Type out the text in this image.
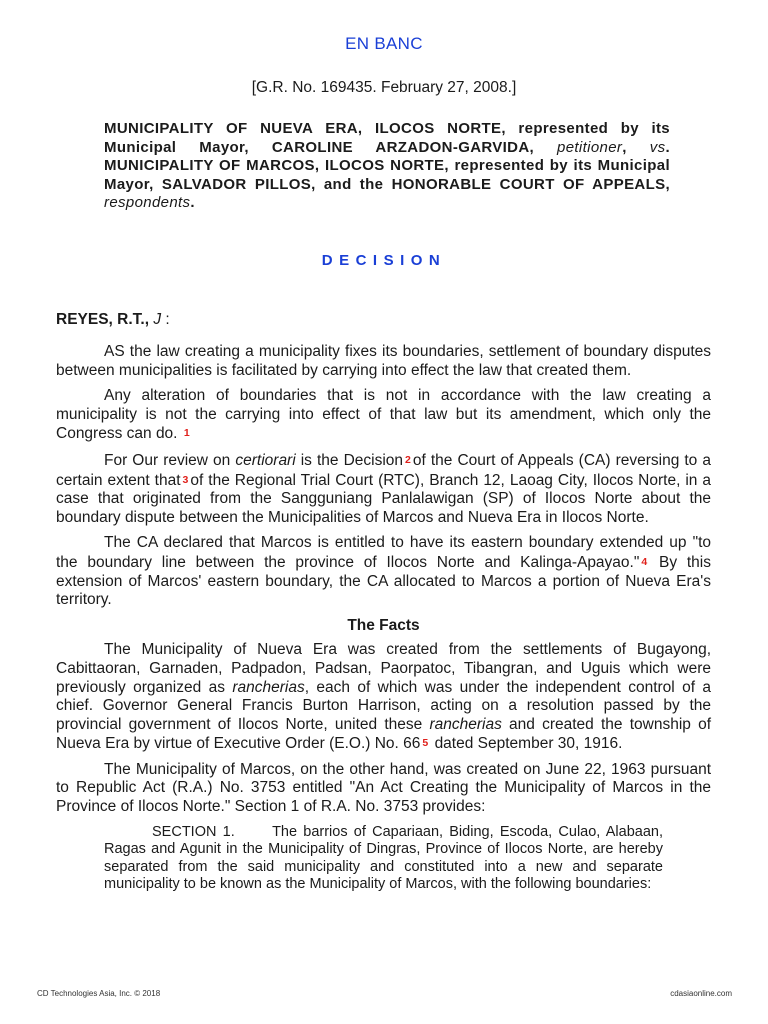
EN BANC
[G.R. No. 169435. February 27, 2008.]
MUNICIPALITY OF NUEVA ERA, ILOCOS NORTE, represented by its Municipal Mayor, CAROLINE ARZADON-GARVIDA, petitioner, vs. MUNICIPALITY OF MARCOS, ILOCOS NORTE, represented by its Municipal Mayor, SALVADOR PILLOS, and the HONORABLE COURT OF APPEALS, respondents.
DECISION
REYES, R.T., J :

AS the law creating a municipality fixes its boundaries, settlement of boundary disputes between municipalities is facilitated by carrying into effect the law that created them.

Any alteration of boundaries that is not in accordance with the law creating a municipality is not the carrying into effect of that law but its amendment, which only the Congress can do. $^1$

For Our review on certiorari is the Decision $^2$ of the Court of Appeals (CA) reversing to a certain extent that $^3$ of the Regional Trial Court (RTC), Branch 12, Laoag City, Ilocos Norte, in a case that originated from the Sangguniang Panlalawigan (SP) of Ilocos Norte about the boundary dispute between the Municipalities of Marcos and Nueva Era in Ilocos Norte.

The CA declared that Marcos is entitled to have its eastern boundary extended up "to the boundary line between the province of Ilocos Norte and Kalinga-Apayao." $^4$ By this extension of Marcos' eastern boundary, the CA allocated to Marcos a portion of Nueva Era's territory.

The Facts

The Municipality of Nueva Era was created from the settlements of Bugayong, Cabittaoran, Garnaden, Padpadon, Padsan, Paorpatoc, Tibangran, and Uguis which were previously organized as rancherias, each of which was under the independent control of a chief. Governor General Francis Burton Harrison, acting on a resolution passed by the provincial government of Ilocos Norte, united these rancherias and created the township of Nueva Era by virtue of Executive Order (E.O.) No. 66 $^5$ dated September 30, 1916.

The Municipality of Marcos, on the other hand, was created on June 22, 1963 pursuant to Republic Act (R.A.) No. 3753 entitled "An Act Creating the Municipality of Marcos in the Province of Ilocos Norte." Section 1 of R.A. No. 3753 provides:

SECTION 1.	The barrios of Capariaan, Biding, Escoda, Culao, Alabaan, Ragas and Agunit in the Municipality of Dingras, Province of Ilocos Norte, are hereby separated from the said municipality and constituted into a new and separate municipality to be known as the Municipality of Marcos, with the following boundaries:
CD Technologies Asia, Inc. © 2018	cdasiaonline.com
